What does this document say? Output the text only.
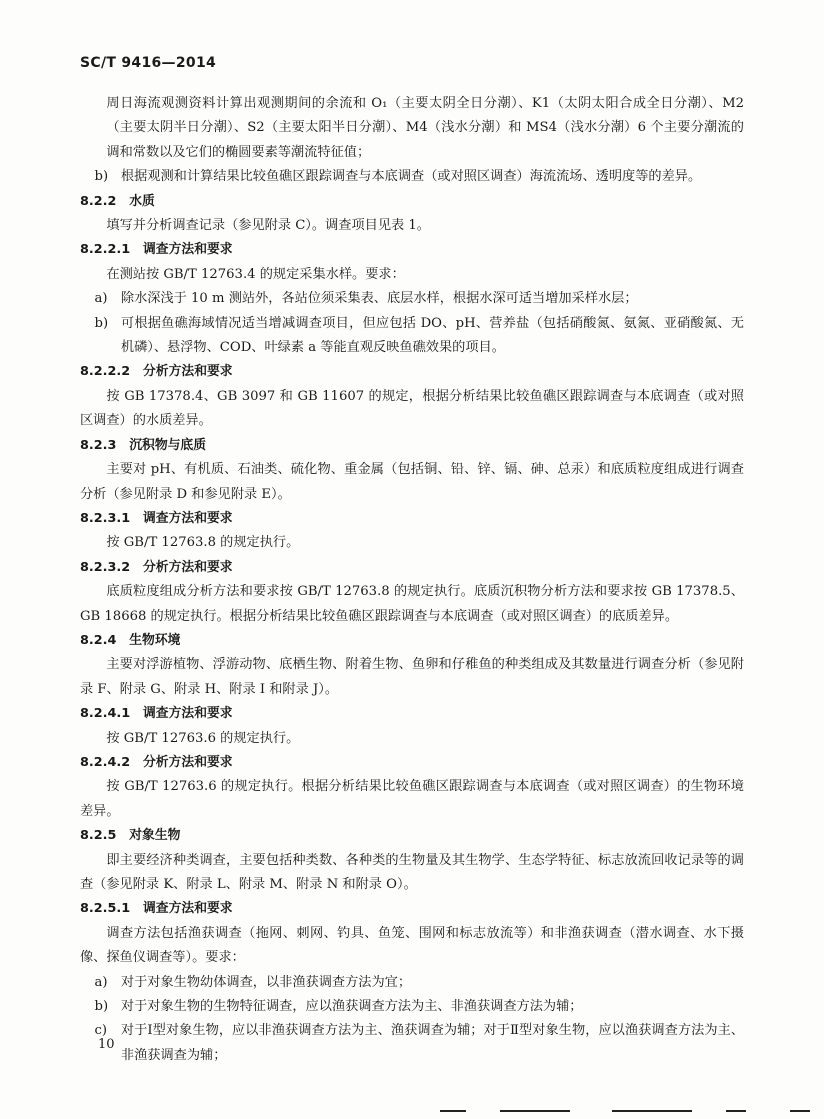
SC/T 9416—2014
周日海流观测资料计算出观测期间的余流和 O₁（主要太阴全日分潮）、K1（太阴太阳合成全日分潮）、M2（主要太阴半日分潮）、S2（主要太阳半日分潮）、M4（浅水分潮）和 MS4（浅水分潮）6 个主要分潮流的调和常数以及它们的椭圆要素等潮流特征值；
b) 根据观测和计算结果比较鱼礁区跟踪调查与本底调查（或对照区调查）海流流场、透明度等的差异。
8.2.2 水质
填写并分析调查记录（参见附录 C）。调查项目见表 1。
8.2.2.1 调查方法和要求
在测站按 GB/T 12763.4 的规定采集水样。要求：
a)	除水深浅于 10 m 测站外，各站位须采集表、底层水样，根据水深可适当增加采样水层；
b) 可根据鱼礁海域情况适当增减调查项目，但应包括 DO、pH、营养盐（包括硝酸氮、氨氮、亚硝酸氮、无机磷）、悬浮物、COD、叶绿素 a 等能直观反映鱼礁效果的项目。
8.2.2.2 分析方法和要求
按 GB 17378.4、GB 3097 和 GB 11607 的规定，根据分析结果比较鱼礁区跟踪调查与本底调查（或对照区调查）的水质差异。
8.2.3 沉积物与底质
主要对 pH、有机质、石油类、硫化物、重金属（包括铜、铅、锌、镉、砷、总汞）和底质粒度组成进行调查分析（参见附录 D 和参见附录 E）。
8.2.3.1 调查方法和要求
按 GB/T 12763.8 的规定执行。
8.2.3.2 分析方法和要求
底质粒度组成分析方法和要求按 GB/T 12763.8 的规定执行。底质沉积物分析方法和要求按 GB 17378.5、GB 18668 的规定执行。根据分析结果比较鱼礁区跟踪调查与本底调查（或对照区调查）的底质差异。
8.2.4 生物环境
主要对浮游植物、浮游动物、底栖生物、附着生物、鱼卵和仔稚鱼的种类组成及其数量进行调查分析（参见附录 F、附录 G、附录 H、附录 I 和附录 J）。
8.2.4.1 调查方法和要求
按 GB/T 12763.6 的规定执行。
8.2.4.2 分析方法和要求
按 GB/T 12763.6 的规定执行。根据分析结果比较鱼礁区跟踪调查与本底调查（或对照区调查）的生物环境差异。
8.2.5 对象生物
即主要经济种类调查，主要包括种类数、各种类的生物量及其生物学、生态学特征、标志放流回收记录等的调查（参见附录 K、附录 L、附录 M、附录 N 和附录 O）。
8.2.5.1 调查方法和要求
调查方法包括渔获调查（拖网、刺网、钓具、鱼笼、围网和标志放流等）和非渔获调查（潜水调查、水下摄像、探鱼仪调查等）。要求：
a)	对于对象生物幼体调查，以非渔获调查方法为宜；
b) 对于对象生物的生物特征调查，应以渔获调查方法为主、非渔获调查方法为辅；
c)	对于Ⅰ型对象生物，应以非渔获调查方法为主、渔获调查为辅；对于Ⅱ型对象生物，应以渔获调查方法为主、非渔获调查为辅；
10
